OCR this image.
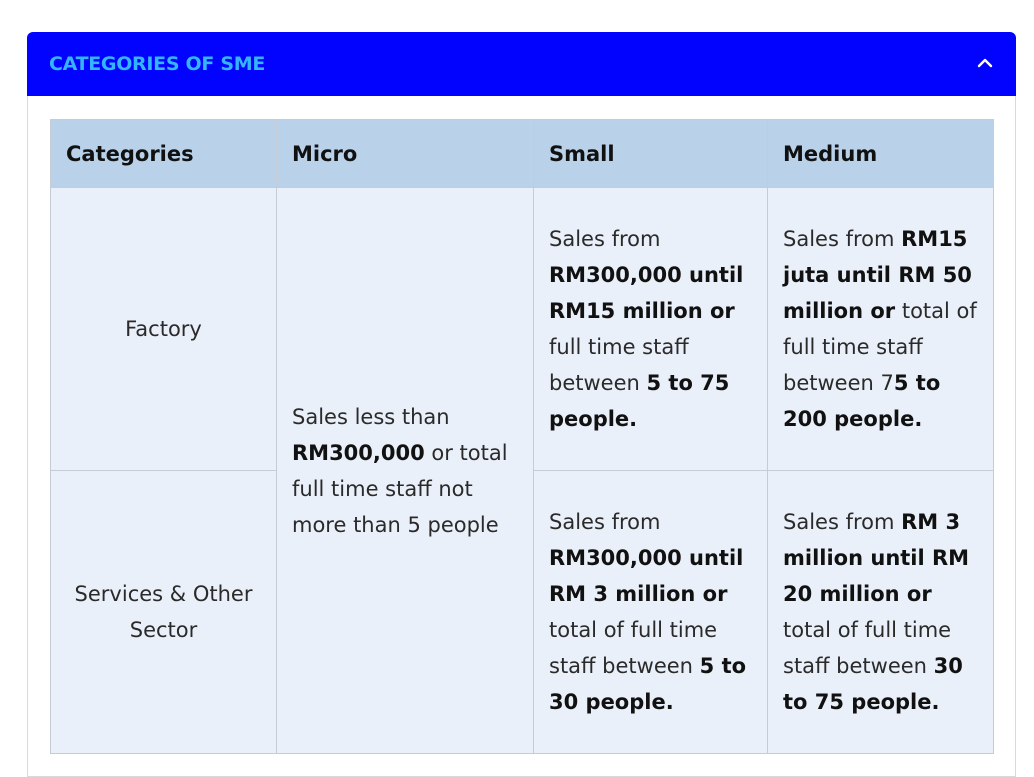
CATEGORIES OF SME
Categories	Micro	Small	Medium
Factory	Sales less than RM300,000 or total full time staff not more than 5 people	Sales from RM300,000 until RM15 million or full time staff between 5 to 75 people.	Sales from RM15 juta until RM 50 million or total of full time staff between 75 to 200 people.
Services & Other Sector		Sales from RM300,000 until RM 3 million or total of full time staff between 5 to 30 people.	Sales from RM 3 million until RM 20 million or total of full time staff between 30 to 75 people.
